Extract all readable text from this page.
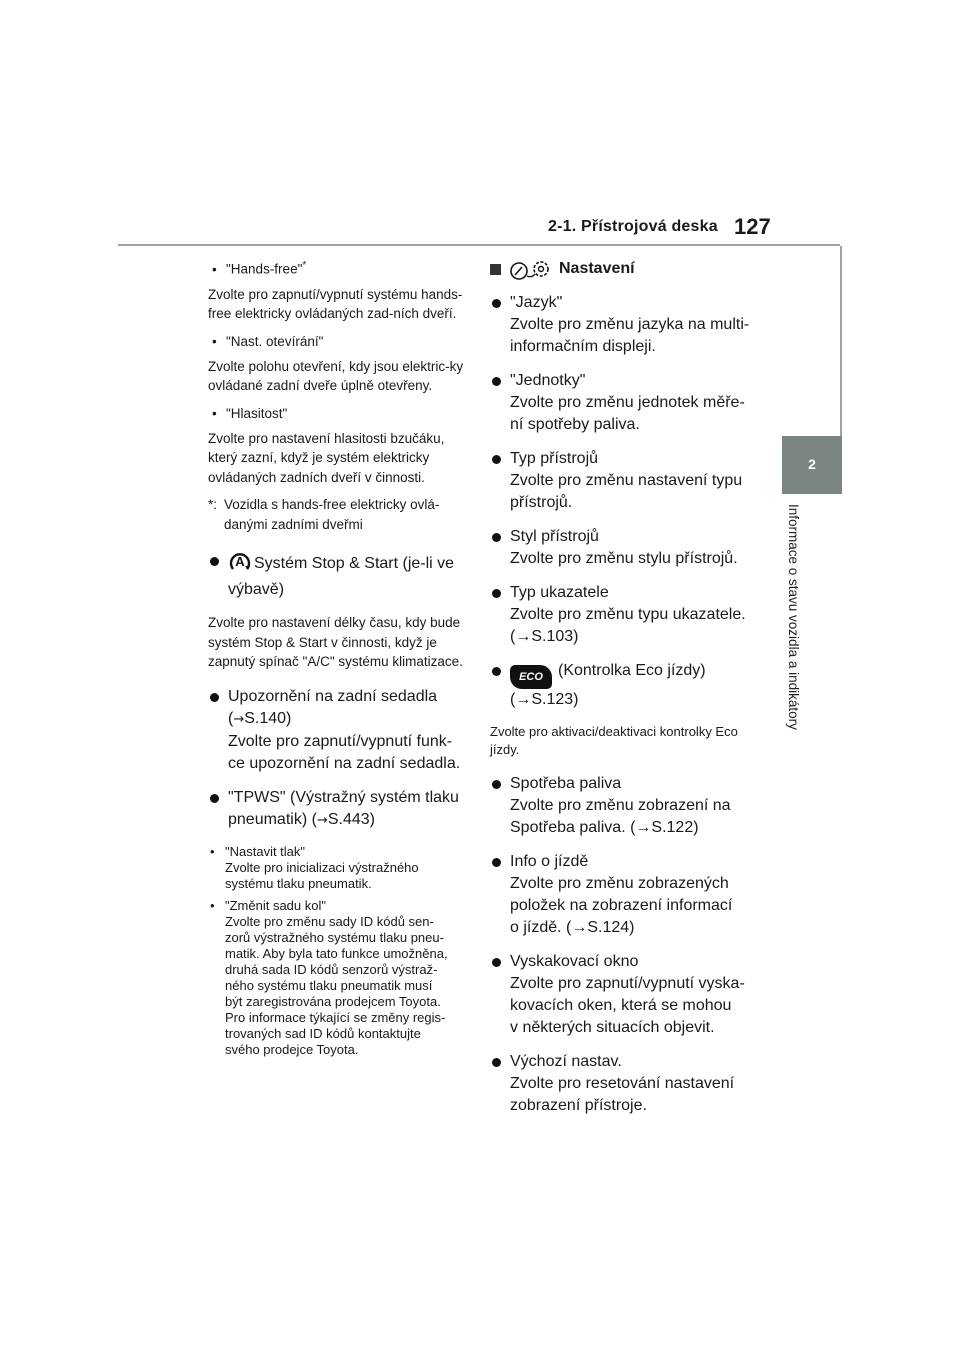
2-1. Přístrojová deska 127
2
Informace o stavu vozidla a indikátory
• "Hands-free"*
Zvolte pro zapnutí/vypnutí systému hands-free elektricky ovládaných zad-ních dveří.
• "Nast. otevírání"
Zvolte polohu otevření, kdy jsou elektric-ky ovládané zadní dveře úplně otevřeny.
• "Hlasitost"
Zvolte pro nastavení hlasitosti bzučáku, který zazní, když je systém elektricky ovládaných zadních dveří v činnosti.
*: Vozidla s hands-free elektricky ovlá-danými zadními dveřmi
A Systém Stop & Start (je-li ve
výbavě)
Zvolte pro nastavení délky času, kdy bude systém Stop & Start v činnosti, když je zapnutý spínač "A/C" systému klimatizace.
Upozornění na zadní sedadla
(→S.140)
Zvolte pro zapnutí/vypnutí funk-
ce upozornění na zadní sedadla.
"TPWS" (Výstražný systém tlaku
pneumatik) (→S.443)
• "Nastavit tlak"
Zvolte pro inicializaci výstražného
systému tlaku pneumatik.
• "Změnit sadu kol"
Zvolte pro změnu sady ID kódů sen-
zorů výstražného systému tlaku pneu-
matik. Aby byla tato funkce umožněna,
druhá sada ID kódů senzorů výstraž-
ného systému tlaku pneumatik musí
být zaregistrována prodejcem Toyota.
Pro informace týkající se změny regis-
trovaných sad ID kódů kontaktujte
svého prodejce Toyota.
Nastavení
"Jazyk"
Zvolte pro změnu jazyka na multi-
informačním displeji.
"Jednotky"
Zvolte pro změnu jednotek měře-
ní spotřeby paliva.
Typ přístrojů
Zvolte pro změnu nastavení typu
přístrojů.
Styl přístrojů
Zvolte pro změnu stylu přístrojů.
Typ ukazatele
Zvolte pro změnu typu ukazatele.
(→S.103)
ECO (Kontrolka Eco jízdy)
(→S.123)
Zvolte pro aktivaci/deaktivaci kontrolky Eco jízdy.
Spotřeba paliva
Zvolte pro změnu zobrazení na
Spotřeba paliva. (→S.122)
Info o jízdě
Zvolte pro změnu zobrazených
položek na zobrazení informací
o jízdě. (→S.124)
Vyskakovací okno
Zvolte pro zapnutí/vypnutí vyska-
kovacích oken, která se mohou
v některých situacích objevit.
Výchozí nastav.
Zvolte pro resetování nastavení
zobrazení přístroje.
